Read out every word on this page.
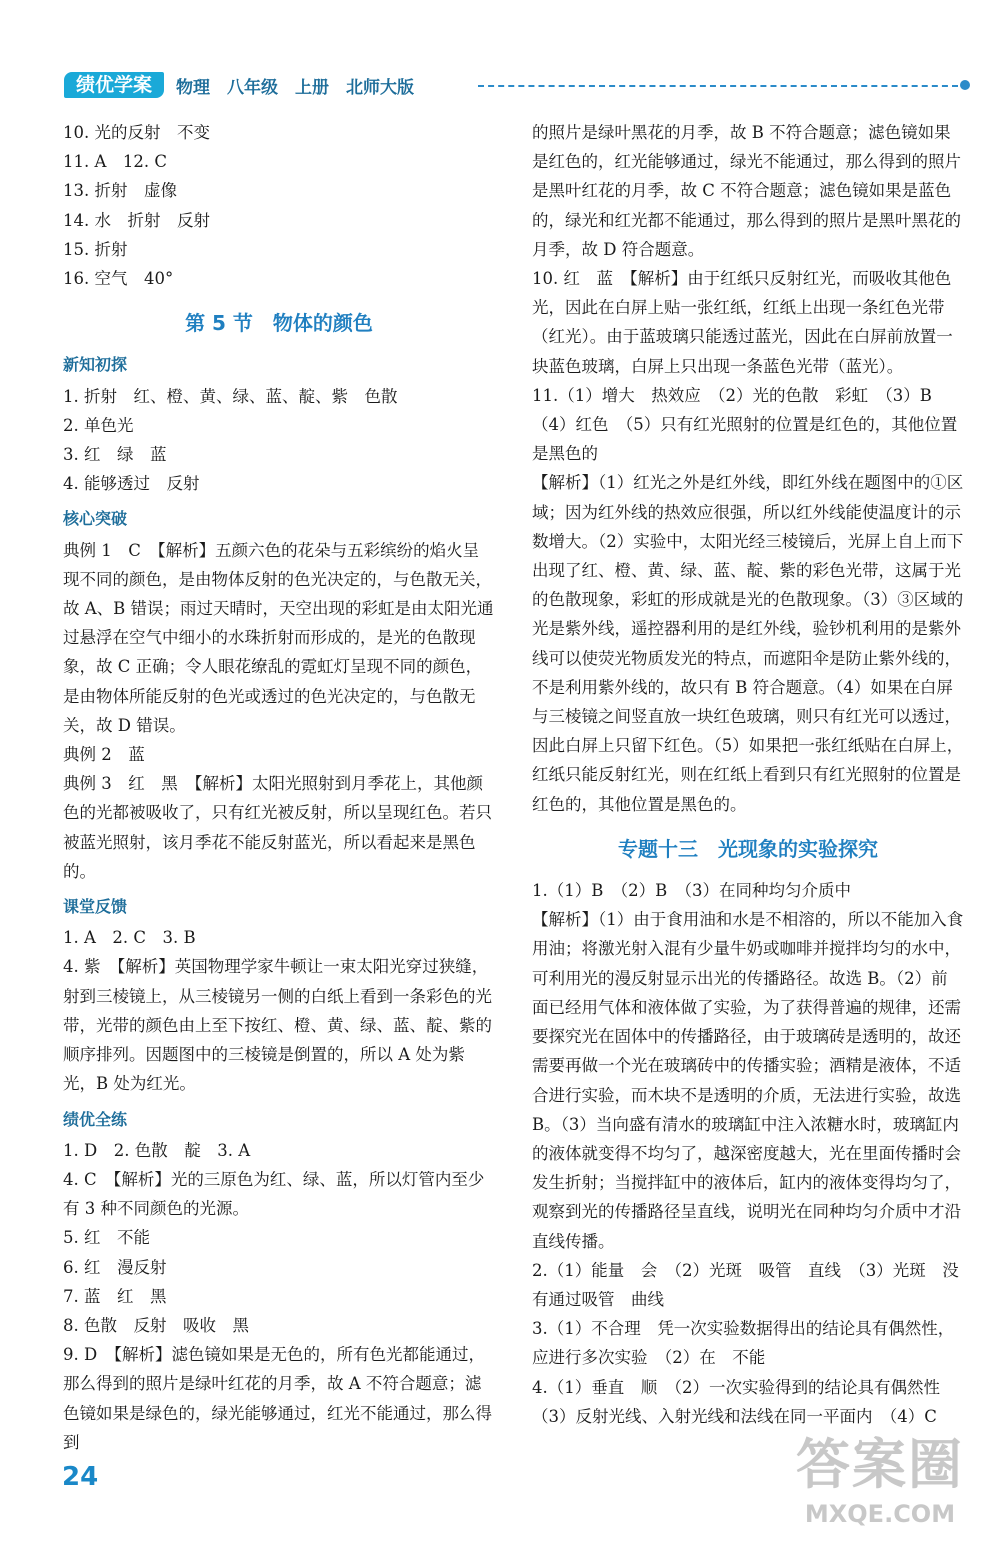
绩优学案	物理　八年级　上册　北师大版

10. 光的反射　不变

11. A　12. C

13. 折射　虚像

14. 水　折射　反射

15. 折射

16. 空气　40°

第 5 节　物体的颜色

新知初探

1. 折射　红、橙、黄、绿、蓝、靛、紫　色散

2. 单色光

3. 红　绿　蓝

4. 能够透过　反射

核心突破

典例 1　C　【解析】五颜六色的花朵与五彩缤纷的焰火呈现不同的颜色，是由物体反射的色光决定的，与色散无关，故 A、B 错误；雨过天晴时，天空出现的彩虹是由太阳光通过悬浮在空气中细小的水珠折射而形成的，是光的色散现象，故 C 正确；令人眼花缭乱的霓虹灯呈现不同的颜色，是由物体所能反射的色光或透过的色光决定的，与色散无关，故 D 错误。

典例 2　蓝

典例 3　红　黑　【解析】太阳光照射到月季花上，其他颜色的光都被吸收了，只有红光被反射，所以呈现红色。若只被蓝光照射，该月季花不能反射蓝光，所以看起来是黑色的。

课堂反馈

1. A　2. C　3. B

4. 紫　【解析】英国物理学家牛顿让一束太阳光穿过狭缝，射到三棱镜上，从三棱镜另一侧的白纸上看到一条彩色的光带，光带的颜色由上至下按红、橙、黄、绿、蓝、靛、紫的顺序排列。因题图中的三棱镜是倒置的，所以 A 处为紫光，B 处为红光。

绩优全练

1. D　2. 色散　靛　3. A

4. C　【解析】光的三原色为红、绿、蓝，所以灯管内至少有 3 种不同颜色的光源。

5. 红　不能

6. 红　漫反射

7. 蓝　红　黑

8. 色散　反射　吸收　黑

9. D　【解析】滤色镜如果是无色的，所有色光都能通过，那么得到的照片是绿叶红花的月季，故 A 不符合题意；滤色镜如果是绿色的，绿光能够通过，红光不能通过，那么得到

的照片是绿叶黑花的月季，故 B 不符合题意；滤色镜如果是红色的，红光能够通过，绿光不能通过，那么得到的照片是黑叶红花的月季，故 C 不符合题意；滤色镜如果是蓝色的，绿光和红光都不能通过，那么得到的照片是黑叶黑花的月季，故 D 符合题意。

10. 红　蓝　【解析】由于红纸只反射红光，而吸收其他色光，因此在白屏上贴一张红纸，红纸上出现一条红色光带（红光）。由于蓝玻璃只能透过蓝光，因此在白屏前放置一块蓝色玻璃，白屏上只出现一条蓝色光带（蓝光）。

11.（1）增大　热效应　（2）光的色散　彩虹　（3）B　（4）红色　（5）只有红光照射的位置是红色的，其他位置是黑色的

【解析】（1）红光之外是红外线，即红外线在题图中的①区域；因为红外线的热效应很强，所以红外线能使温度计的示数增大。（2）实验中，太阳光经三棱镜后，光屏上自上而下出现了红、橙、黄、绿、蓝、靛、紫的彩色光带，这属于光的色散现象，彩虹的形成就是光的色散现象。（3）③区域的光是紫外线，遥控器利用的是红外线，验钞机利用的是紫外线可以使荧光物质发光的特点，而遮阳伞是防止紫外线的，不是利用紫外线的，故只有 B 符合题意。（4）如果在白屏与三棱镜之间竖直放一块红色玻璃，则只有红光可以透过，因此白屏上只留下红色。（5）如果把一张红纸贴在白屏上，红纸只能反射红光，则在红纸上看到只有红光照射的位置是红色的，其他位置是黑色的。

专题十三　光现象的实验探究

1.（1）B　（2）B　（3）在同种均匀介质中

【解析】（1）由于食用油和水是不相溶的，所以不能加入食用油；将激光射入混有少量牛奶或咖啡并搅拌均匀的水中，可利用光的漫反射显示出光的传播路径。故选 B。（2）前面已经用气体和液体做了实验，为了获得普遍的规律，还需要探究光在固体中的传播路径，由于玻璃砖是透明的，故还需要再做一个光在玻璃砖中的传播实验；酒精是液体，不适合进行实验，而木块不是透明的介质，无法进行实验，故选 B。（3）当向盛有清水的玻璃缸中注入浓糖水时，玻璃缸内的液体就变得不均匀了，越深密度越大，光在里面传播时会发生折射；当搅拌缸中的液体后，缸内的液体变得均匀了，观察到光的传播路径呈直线，说明光在同种均匀介质中才沿直线传播。

2.（1）能量　会　（2）光斑　吸管　直线　（3）光斑　没有通过吸管　曲线

3.（1）不合理　凭一次实验数据得出的结论具有偶然性，应进行多次实验　（2）在　不能

4.（1）垂直　顺　（2）一次实验得到的结论具有偶然性　（3）反射光线、入射光线和法线在同一平面内　（4）C

24	答案圈
MXQE.COM
